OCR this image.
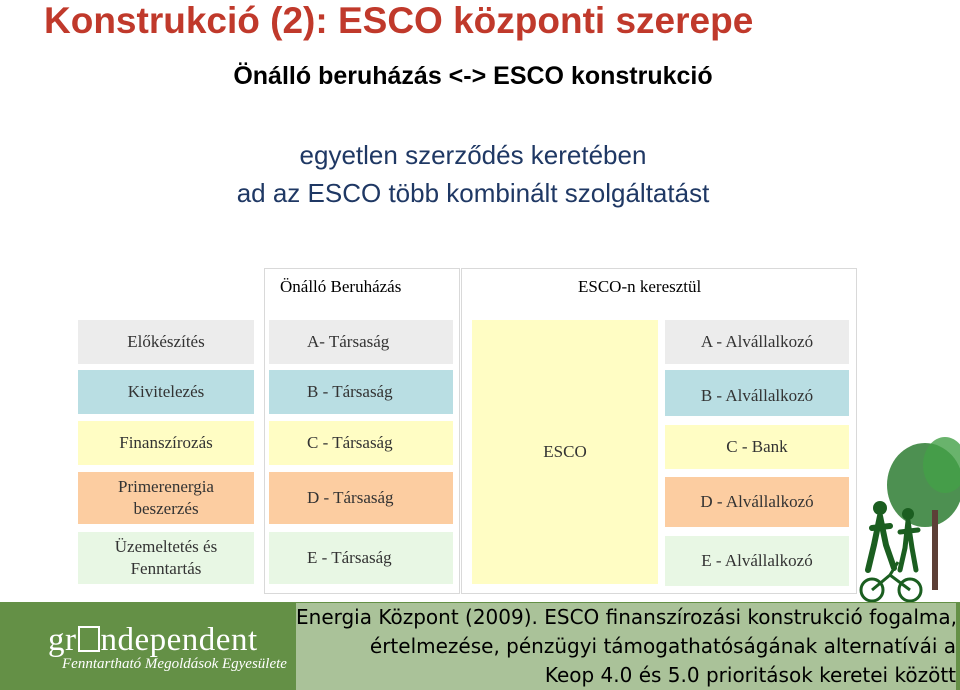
Konstrukció (2): ESCO központi szerepe
Önálló beruházás <-> ESCO konstrukció
egyetlen szerződés keretében
ad az ESCO több kombinált szolgáltatást
Önálló Beruházás	ESCO-n keresztül
Előkészítés
Kivitelezés
Finanszírozás
Primerenergia beszerzés
Üzemeltetés és Fenntartás
A- Társaság
B - Társaság
C - Társaság
D - Társaság
E - Társaság
ESCO
A - Alvállalkozó
B - Alvállalkozó
C - Bank
D - Alvállalkozó
E - Alvállalkozó
gr ndependent
Fenntartható Megoldások Egyesülete
Energia Központ (2009). ESCO finanszírozási konstrukció fogalma,
értelmezése, pénzügyi támogathatóságának alternatívái a
Keop 4.0 és 5.0 prioritások keretei között
